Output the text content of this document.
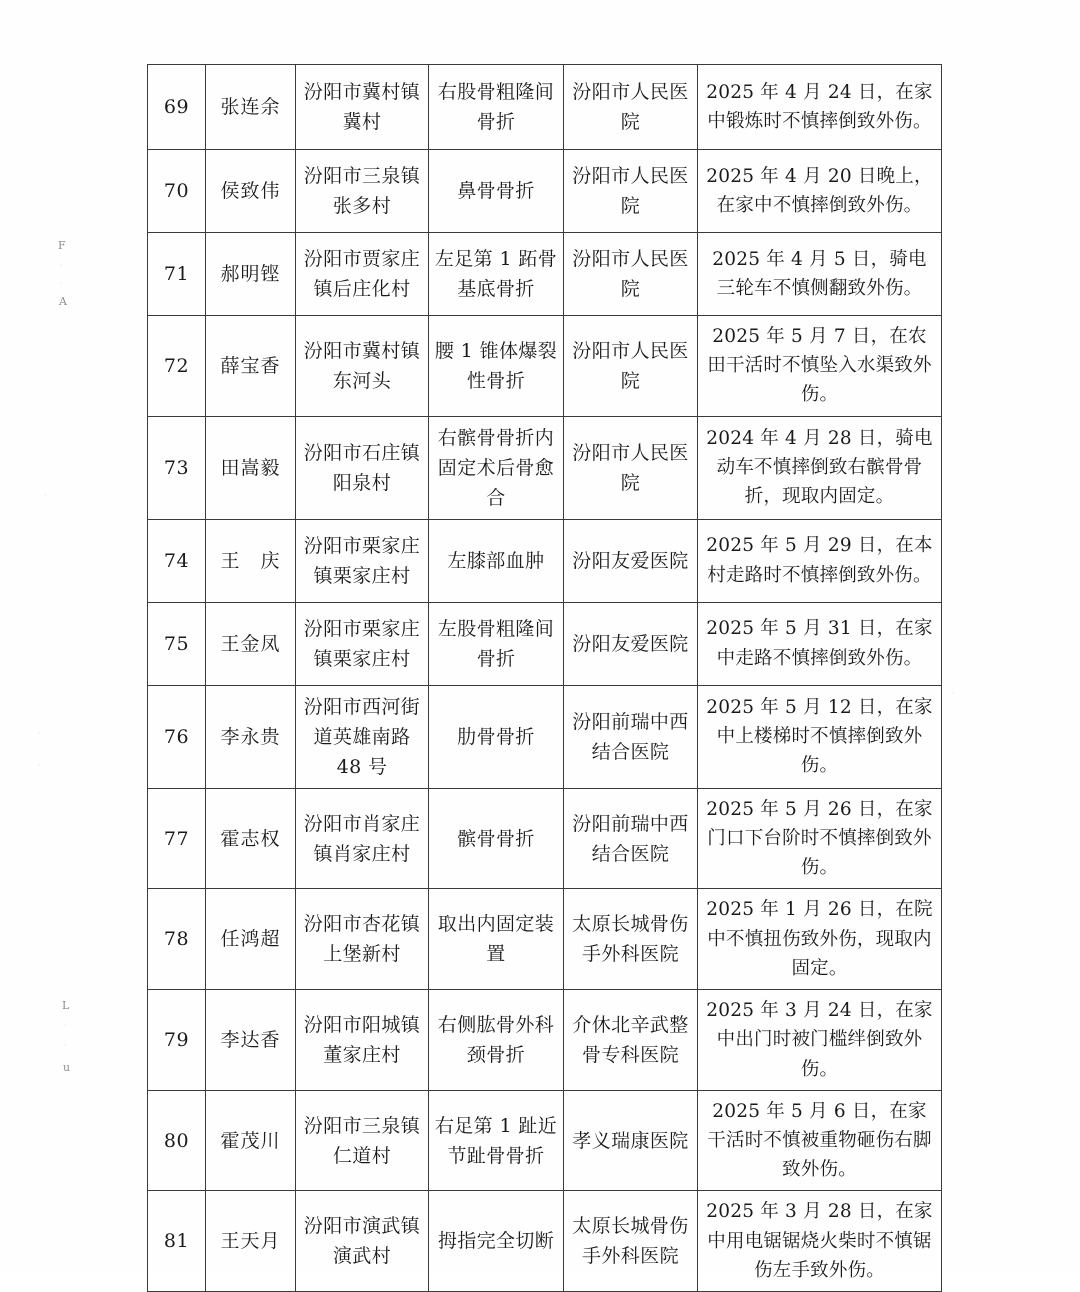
F
·
·
A
·
·
·
L
·
·
u
·
69	张连余	汾阳市冀村镇冀村	右股骨粗隆间骨折	汾阳市人民医院	2025 年 4 月 24 日，在家中锻炼时不慎摔倒致外伤。
70	侯致伟	汾阳市三泉镇张多村	鼻骨骨折	汾阳市人民医院	2025 年 4 月 20 日晚上，在家中不慎摔倒致外伤。
71	郝明铿	汾阳市贾家庄镇后庄化村	左足第 1 跖骨基底骨折	汾阳市人民医院	2025 年 4 月 5 日，骑电三轮车不慎侧翻致外伤。
72	薛宝香	汾阳市冀村镇东河头	腰 1 锥体爆裂性骨折	汾阳市人民医院	2025 年 5 月 7 日，在农田干活时不慎坠入水渠致外伤。
73	田嵩毅	汾阳市石庄镇阳泉村	右髌骨骨折内固定术后骨愈合	汾阳市人民医院	2024 年 4 月 28 日，骑电动车不慎摔倒致右髌骨骨折，现取内固定。
74	王　庆	汾阳市栗家庄镇栗家庄村	左膝部血肿	汾阳友爱医院	2025 年 5 月 29 日，在本村走路时不慎摔倒致外伤。
75	王金凤	汾阳市栗家庄镇栗家庄村	左股骨粗隆间骨折	汾阳友爱医院	2025 年 5 月 31 日，在家中走路不慎摔倒致外伤。
76	李永贵	汾阳市西河街道英雄南路 48 号	肋骨骨折	汾阳前瑞中西结合医院	2025 年 5 月 12 日，在家中上楼梯时不慎摔倒致外伤。
77	霍志权	汾阳市肖家庄镇肖家庄村	髌骨骨折	汾阳前瑞中西结合医院	2025 年 5 月 26 日，在家门口下台阶时不慎摔倒致外伤。
78	任鸿超	汾阳市杏花镇上堡新村	取出内固定装置	太原长城骨伤手外科医院	2025 年 1 月 26 日，在院中不慎扭伤致外伤，现取内固定。
79	李达香	汾阳市阳城镇董家庄村	右侧肱骨外科颈骨折	介休北辛武整骨专科医院	2025 年 3 月 24 日，在家中出门时被门槛绊倒致外伤。
80	霍茂川	汾阳市三泉镇仁道村	右足第 1 趾近节趾骨骨折	孝义瑞康医院	2025 年 5 月 6 日，在家干活时不慎被重物砸伤右脚致外伤。
81	王天月	汾阳市演武镇演武村	拇指完全切断	太原长城骨伤手外科医院	2025 年 3 月 28 日，在家中用电锯锯烧火柴时不慎锯伤左手致外伤。
